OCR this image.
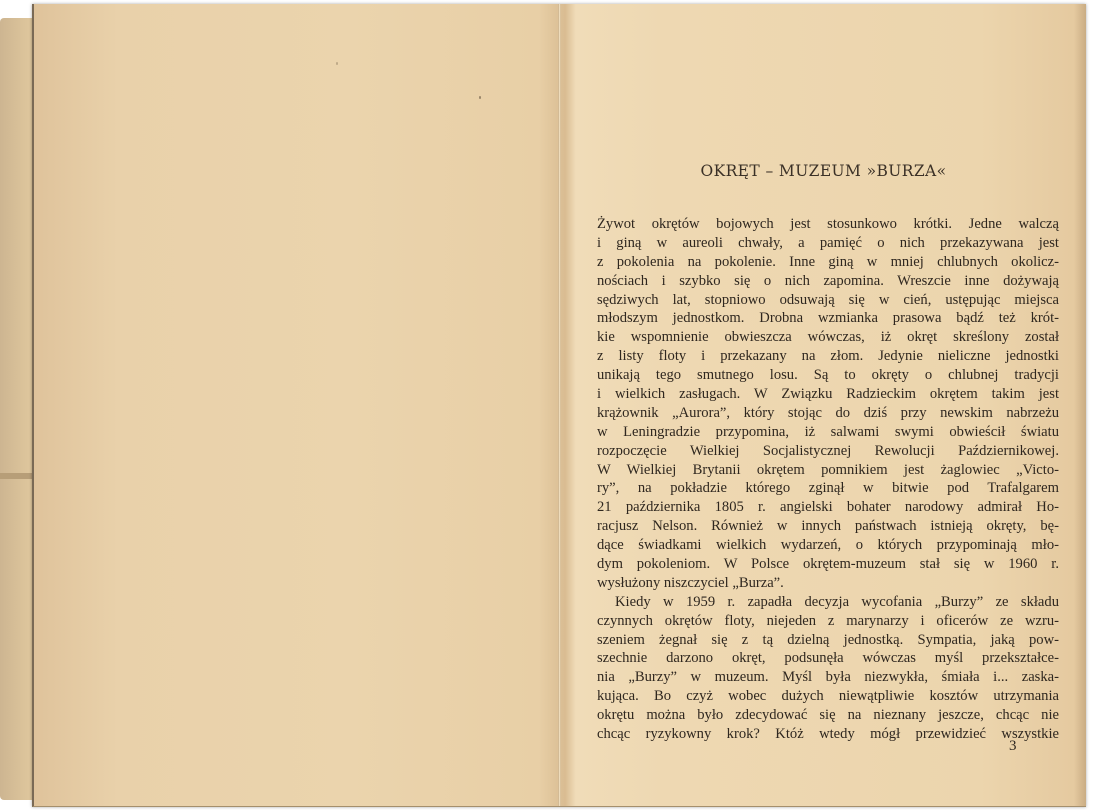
OKRĘT – MUZEUM »BURZA«
Żywot okrętów bojowych jest stosunkowo krótki. Jedne walczą
i giną w aureoli chwały, a pamięć o nich przekazywana jest
z pokolenia na pokolenie. Inne giną w mniej chlubnych okolicz-
nościach i szybko się o nich zapomina. Wreszcie inne dożywają
sędziwych lat, stopniowo odsuwają się w cień, ustępując miejsca
młodszym jednostkom. Drobna wzmianka prasowa bądź też krót-
kie wspomnienie obwieszcza wówczas, iż okręt skreślony został
z listy floty i przekazany na złom. Jedynie nieliczne jednostki
unikają tego smutnego losu. Są to okręty o chlubnej tradycji
i wielkich zasługach. W Związku Radzieckim okrętem takim jest
krążownik „Aurora”, który stojąc do dziś przy newskim nabrzeżu
w Leningradzie przypomina, iż salwami swymi obwieścił światu
rozpoczęcie Wielkiej Socjalistycznej Rewolucji Październikowej.
W Wielkiej Brytanii okrętem pomnikiem jest żaglowiec „Victo-
ry”, na pokładzie którego zginął w bitwie pod Trafalgarem
21 października 1805 r. angielski bohater narodowy admirał Ho-
racjusz Nelson. Również w innych państwach istnieją okręty, bę-
dące świadkami wielkich wydarzeń, o których przypominają mło-
dym pokoleniom. W Polsce okrętem-muzeum stał się w 1960 r.
wysłużony niszczyciel „Burza”.
Kiedy w 1959 r. zapadła decyzja wycofania „Burzy” ze składu
czynnych okrętów floty, niejeden z marynarzy i oficerów ze wzru-
szeniem żegnał się z tą dzielną jednostką. Sympatia, jaką pow-
szechnie darzono okręt, podsunęła wówczas myśl przekształce-
nia „Burzy” w muzeum. Myśl była niezwykła, śmiała i... zaska-
kująca. Bo czyż wobec dużych niewątpliwie kosztów utrzymania
okrętu można było zdecydować się na nieznany jeszcze, chcąc nie
chcąc ryzykowny krok? Któż wtedy mógł przewidzieć wszystkie
3
